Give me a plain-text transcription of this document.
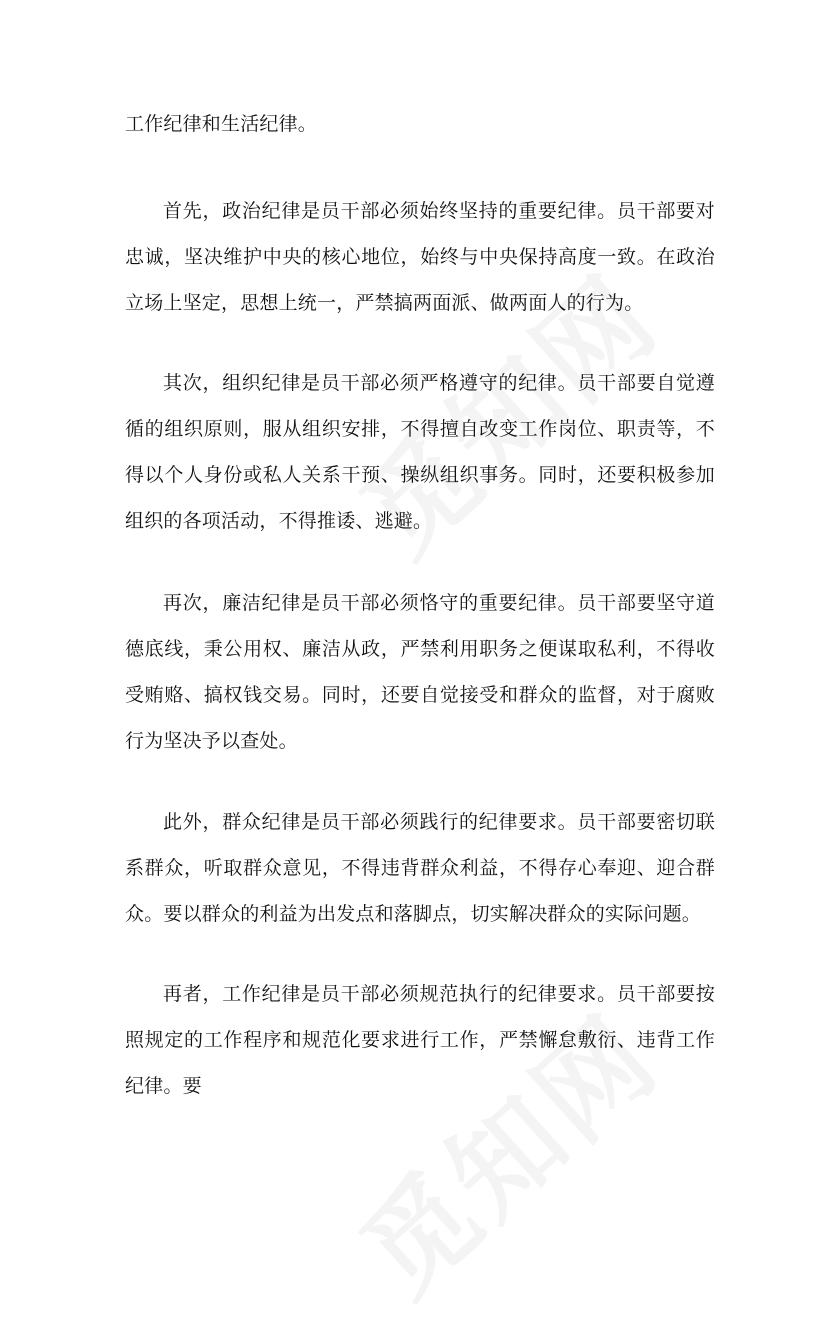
工作纪律和生活纪律。

首先，政治纪律是员干部必须始终坚持的重要纪律。员干部要对忠诚，坚决维护中央的核心地位，始终与中央保持高度一致。在政治立场上坚定，思想上统一，严禁搞两面派、做两面人的行为。

其次，组织纪律是员干部必须严格遵守的纪律。员干部要自觉遵循的组织原则，服从组织安排，不得擅自改变工作岗位、职责等，不得以个人身份或私人关系干预、操纵组织事务。同时，还要积极参加组织的各项活动，不得推诿、逃避。

再次，廉洁纪律是员干部必须恪守的重要纪律。员干部要坚守道德底线，秉公用权、廉洁从政，严禁利用职务之便谋取私利，不得收受贿赂、搞权钱交易。同时，还要自觉接受和群众的监督，对于腐败行为坚决予以查处。

此外，群众纪律是员干部必须践行的纪律要求。员干部要密切联系群众，听取群众意见，不得违背群众利益，不得存心奉迎、迎合群众。要以群众的利益为出发点和落脚点，切实解决群众的实际问题。

再者，工作纪律是员干部必须规范执行的纪律要求。员干部要按照规定的工作程序和规范化要求进行工作，严禁懈怠敷衍、违背工作纪律。要
